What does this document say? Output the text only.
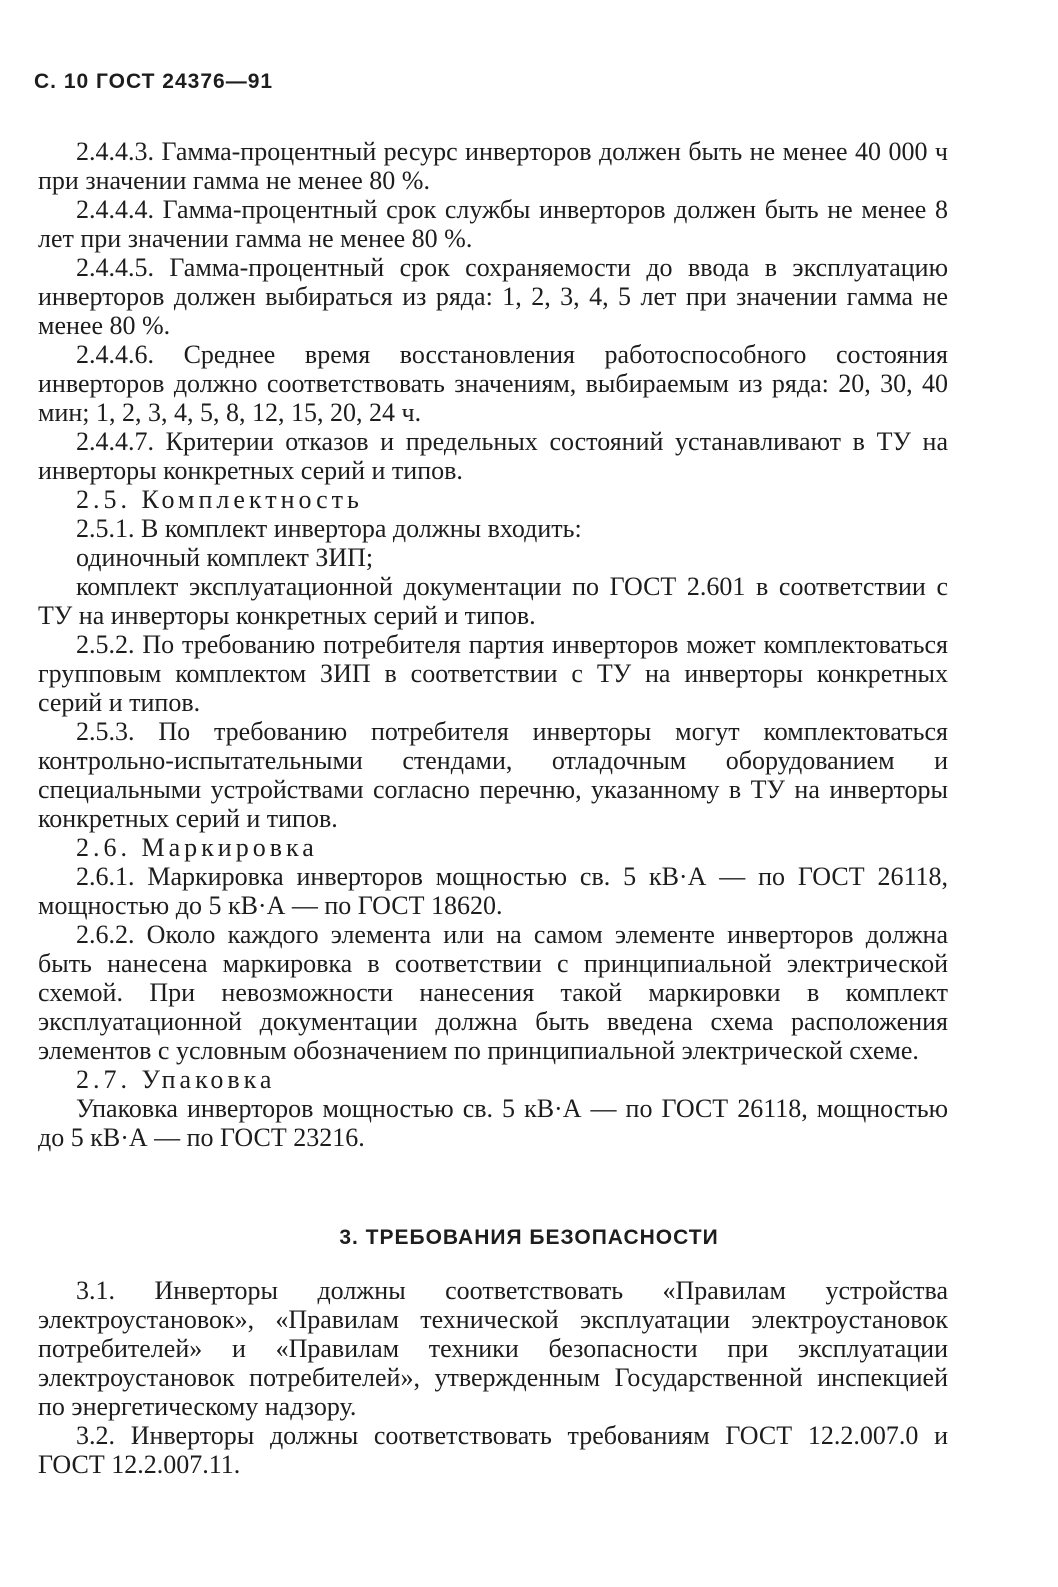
С. 10 ГОСТ 24376—91

2.4.4.3. Гамма-процентный ресурс инверторов должен быть не менее 40 000 ч при значении гамма не менее 80 %.

2.4.4.4. Гамма-процентный срок службы инверторов должен быть не менее 8 лет при значении гамма не менее 80 %.

2.4.4.5. Гамма-процентный срок сохраняемости до ввода в эксплуатацию инверторов должен выбираться из ряда: 1, 2, 3, 4, 5 лет при значении гамма не менее 80 %.

2.4.4.6. Среднее время восстановления работоспособного состояния инверторов должно соответствовать значениям, выбираемым из ряда: 20, 30, 40 мин; 1, 2, 3, 4, 5, 8, 12, 15, 20, 24 ч.

2.4.4.7. Критерии отказов и предельных состояний устанавливают в ТУ на инверторы конкретных серий и типов.

2.5. Комплектность

2.5.1. В комплект инвертора должны входить:

одиночный комплект ЗИП;

комплект эксплуатационной документации по ГОСТ 2.601 в соответствии с ТУ на инверторы конкретных серий и типов.

2.5.2. По требованию потребителя партия инверторов может комплектоваться групповым комплектом ЗИП в соответствии с ТУ на инверторы конкретных серий и типов.

2.5.3. По требованию потребителя инверторы могут комплектоваться контрольно-испытательными стендами, отладочным оборудованием и специальными устройствами согласно перечню, указанному в ТУ на инверторы конкретных серий и типов.

2.6. Маркировка

2.6.1. Маркировка инверторов мощностью св. 5 кВ·А — по ГОСТ 26118, мощностью до 5 кВ·А — по ГОСТ 18620.

2.6.2. Около каждого элемента или на самом элементе инверторов должна быть нанесена маркировка в соответствии с принципиальной электрической схемой. При невозможности нанесения такой маркировки в комплект эксплуатационной документации должна быть введена схема расположения элементов с условным обозначением по принципиальной электрической схеме.

2.7. Упаковка

Упаковка инверторов мощностью св. 5 кВ·А — по ГОСТ 26118, мощностью до 5 кВ·А — по ГОСТ 23216.

3. ТРЕБОВАНИЯ БЕЗОПАСНОСТИ

3.1. Инверторы должны соответствовать «Правилам устройства электроустановок», «Правилам технической эксплуатации электроустановок потребителей» и «Правилам техники безопасности при эксплуатации электроустановок потребителей», утвержденным Государственной инспекцией по энергетическому надзору.

3.2. Инверторы должны соответствовать требованиям ГОСТ 12.2.007.0 и ГОСТ 12.2.007.11.
